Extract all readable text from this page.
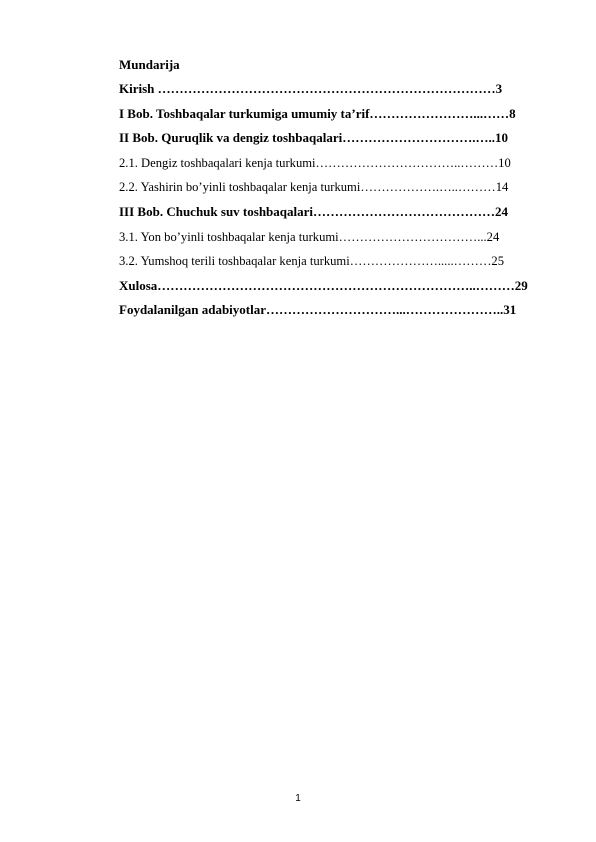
Mundarija
Kirish ……………………………………………………………………3
I Bob. Toshbaqalar turkumiga umumiy ta’rif……………………...……8
II Bob. Quruqlik va dengiz toshbaqalari………………………….…..10
2.1. Dengiz toshbaqalari kenja turkumi……………………………..………10
2.2. Yashirin bo’yinli toshbaqalar kenja turkumi……………….…..………14
III Bob. Chuchuk suv toshbaqalari……………………………………24
3.1. Yon bo’yinli toshbaqalar kenja turkumi……………………………...24
3.2. Yumshoq terili toshbaqalar kenja turkumi………………….....………25
Xulosa………………………………………………………………..………29
Foydalanilgan adabiyotlar…………………………...…………………..31
1
